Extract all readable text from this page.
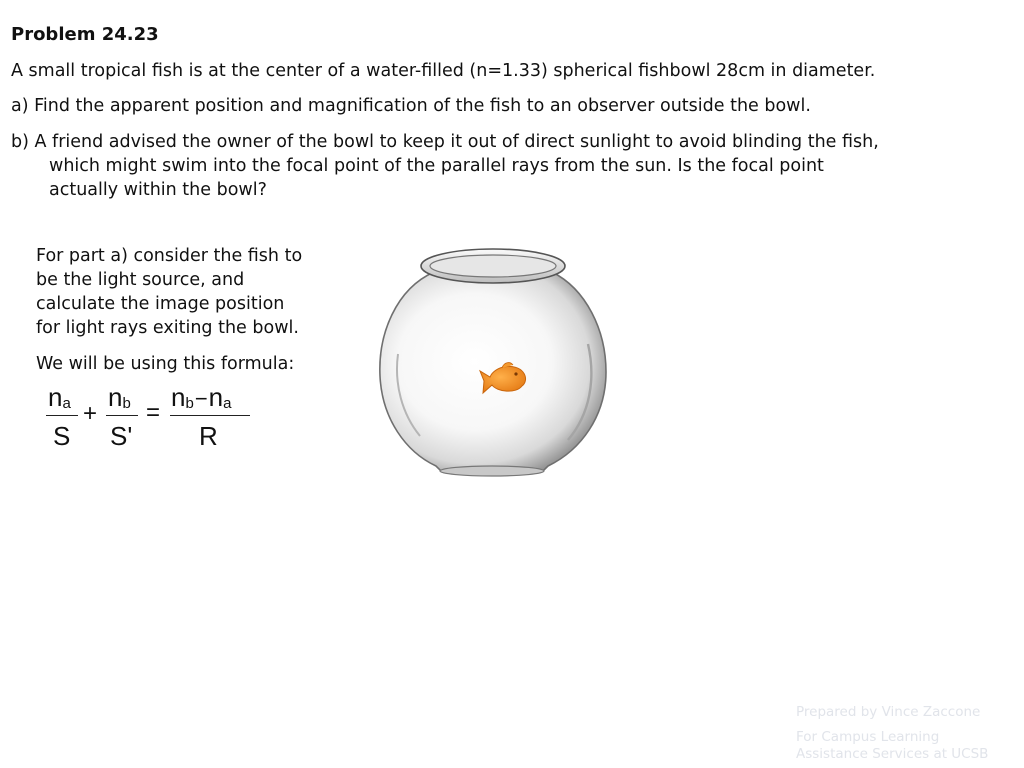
Problem 24.23
A small tropical fish is at the center of a water-filled (n=1.33) spherical fishbowl 28cm in diameter.
a) Find the apparent position and magnification of the fish to an observer outside the bowl.
b) A friend advised the owner of the bowl to keep it out of direct sunlight to avoid blinding the fish,
which might swim into the focal point of the parallel rays from the sun. Is the focal point
actually within the bowl?
For part a) consider the fish to
be the light source, and
calculate the image position
for light rays exiting the bowl.
We will be using this formula:
na
S
+
nb
S'
=
nb−na
R
Prepared by Vince Zaccone
For Campus Learning
Assistance Services at UCSB
